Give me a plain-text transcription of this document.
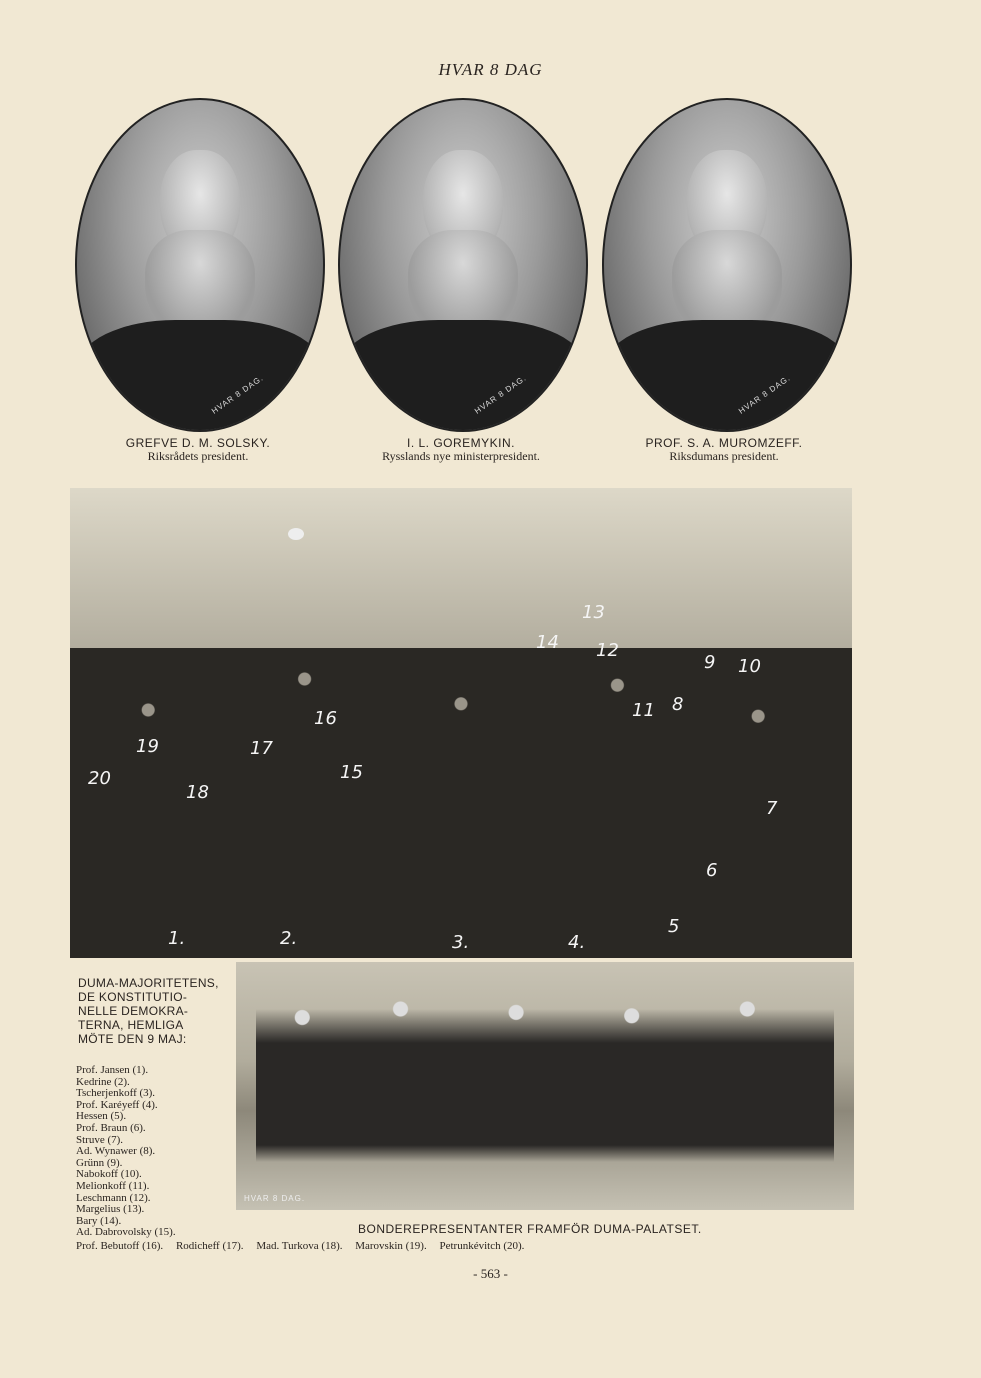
HVAR 8 DAG
HVAR 8 DAG.	HVAR 8 DAG.	HVAR 8 DAG.
GREFVE D. M. SOLSKY.
Riksrådets president.
I. L. GOREMYKIN.
Rysslands nye ministerpresident.
PROF. S. A. MUROMZEFF.
Riksdumans president.
1.	2.	3.	4.
5
6
7
8
9 10
11
12
13
14
15
16
17
18
19
20
DUMA-MAJORITETENS,
DE KONSTITUTIO-
NELLE DEMOKRA-
TERNA, HEMLIGA
MÖTE DEN 9 MAJ:
Prof. Jansen (1).
Kedrine (2).
Tscherjenkoff (3).
Prof. Karéyeff (4).
Hessen (5).
Prof. Braun (6).
Struve (7).
Ad. Wynawer (8).
Grünn (9).
Nabokoff (10).
Melionkoff (11).
Leschmann (12).
Margelius (13).
Bary (14).
Ad. Dabrovolsky (15).
HVAR 8 DAG.
BONDEREPRESENTANTER FRAMFÖR DUMA-PALATSET.
Prof. Bebutoff (16). Rodicheff (17). Mad. Turkova (18). Marovskin (19). Petrunkévitch (20).
- 563 -
